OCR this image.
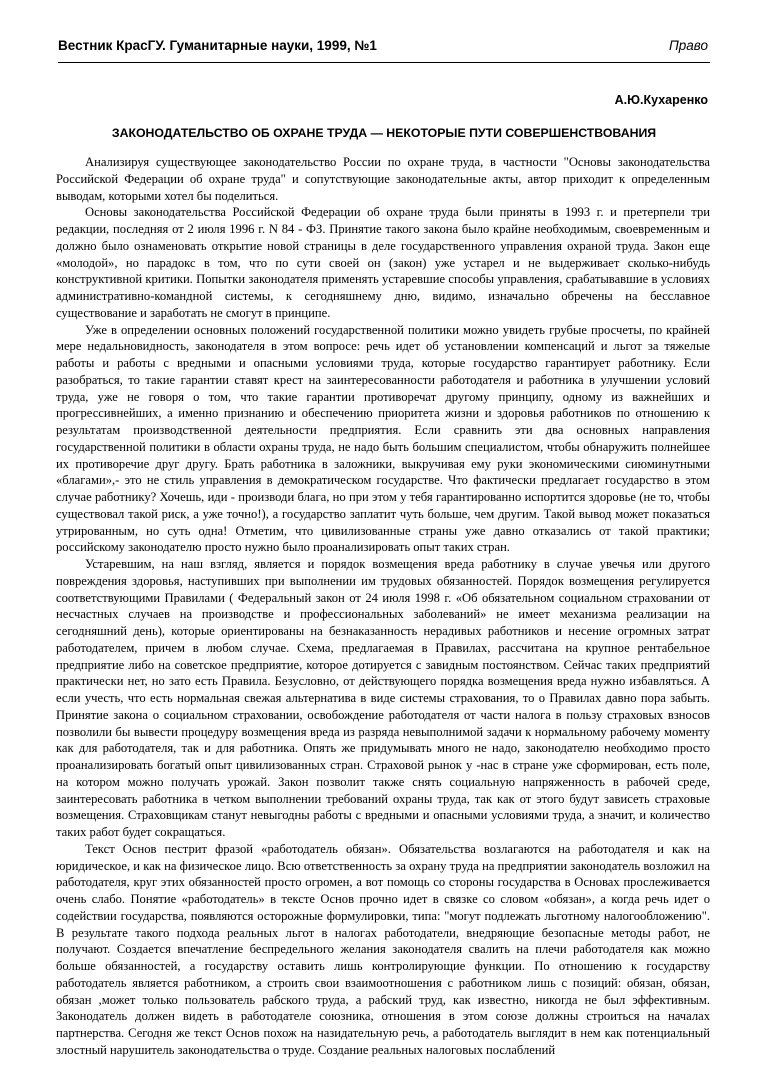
Вестник КрасГУ. Гуманитарные науки, 1999, №1	Право
А.Ю.Кухаренко
ЗАКОНОДАТЕЛЬСТВО ОБ ОХРАНЕ ТРУДА — НЕКОТОРЫЕ ПУТИ СОВЕРШЕНСТВОВАНИЯ

Анализируя существующее законодательство России по охране труда, в частности "Основы законодательства Российской Федерации об охране труда" и сопутствующие законодательные акты, автор приходит к определенным выводам, которыми хотел бы поделиться.

Основы законодательства Российской Федерации об охране труда были приняты в 1993 г. и претерпели три редакции, последняя от 2 июля 1996 г. N 84 - ФЗ. Принятие такого закона было крайне необходимым, своевременным и должно было ознаменовать открытие новой страницы в деле государственного управления охраной труда. Закон еще «молодой», но парадокс в том, что по сути своей он (закон) уже устарел и не выдерживает сколько-нибудь конструктивной критики. Попытки законодателя применять устаревшие способы управления, срабатывавшие в условиях административно-командной системы, к сегодняшнему дню, видимо, изначально обречены на бесславное существование и заработать не смогут в принципе.

Уже в определении основных положений государственной политики можно увидеть грубые просчеты, по крайней мере недальновидность, законодателя в этом вопросе: речь идет об установлении компенсаций и льгот за тяжелые работы и работы с вредными и опасными условиями труда, которые государство гарантирует работнику. Если разобраться, то такие гарантии ставят крест на заинтересованности работодателя и работника в улучшении условий труда, уже не говоря о том, что такие гарантии противоречат другому принципу, одному из важнейших и прогрессивнейших, а именно признанию и обеспечению приоритета жизни и здоровья работников по отношению к результатам производственной деятельности предприятия. Если сравнить эти два основных направления государственной политики в области охраны труда, не надо быть большим специалистом, чтобы обнаружить полнейшее их противоречие друг другу. Брать работника в заложники, выкручивая ему руки экономическими сиюминутными «благами»,- это не стиль управления в демократическом государстве. Что фактически предлагает государство в этом случае работнику? Хочешь, иди - производи блага, но при этом у тебя гарантированно испортится здоровье (не то, чтобы существовал такой риск, а уже точно!), а государство заплатит чуть больше, чем другим. Такой вывод может показаться утрированным, но суть одна! Отметим, что цивилизованные страны уже давно отказались от такой практики; российскому законодателю просто нужно было проанализировать опыт таких стран.

Устаревшим, на наш взгляд, является и порядок возмещения вреда работнику в случае увечья или другого повреждения здоровья, наступивших при выполнении им трудовых обязанностей. Порядок возмещения регулируется соответствующими Правилами ( Федеральный закон от 24 июля 1998 г. «Об обязательном социальном страховании от несчастных случаев на производстве и профессиональных заболеваний» не имеет механизма реализации на сегодняшний день), которые ориентированы на безнаказанность нерадивых работников и несение огромных затрат работодателем, причем в любом случае. Схема, предлагаемая в Правилах, рассчитана на крупное рентабельное предприятие либо на советское предприятие, которое дотируется с завидным постоянством. Сейчас таких предприятий практически нет, но зато есть Правила. Безусловно, от действующего порядка возмещения вреда нужно избавляться. А если учесть, что есть нормальная свежая альтернатива в виде системы страхования, то о Правилах давно пора забыть. Принятие закона о социальном страховании, освобождение работодателя от части налога в пользу страховых взносов позволили бы вывести процедуру возмещения вреда из разряда невыполнимой задачи к нормальному рабочему моменту как для работодателя, так и для работника. Опять же придумывать много не надо, законодателю необходимо просто проанализировать богатый опыт цивилизованных стран. Страховой рынок у -нас в стране уже сформирован, есть поле, на котором можно получать урожай. Закон позволит также снять социальную напряженность в рабочей среде, заинтересовать работника в четком выполнении требований охраны труда, так как от этого будут зависеть страховые возмещения. Страховщикам станут невыгодны работы с вредными и опасными условиями труда, а значит, и количество таких работ будет сокращаться.

Текст Основ пестрит фразой «работодатель обязан». Обязательства возлагаются на работодателя и как на юридическое, и как на физическое лицо. Всю ответственность за охрану труда на предприятии законодатель возложил на работодателя, круг этих обязанностей просто огромен, а вот помощь со стороны государства в Основах прослеживается очень слабо. Понятие «работодатель» в тексте Основ прочно идет в связке со словом «обязан», а когда речь идет о содействии государства, появляются осторожные формулировки, типа: "могут подлежать льготному налогообложению". В результате такого подхода реальных льгот в налогах работодатели, внедряющие безопасные методы работ, не получают. Создается впечатление беспредельного желания законодателя свалить на плечи работодателя как можно больше обязанностей, а государству оставить лишь контролирующие функции. По отношению к государству работодатель является работником, а строить свои взаимоотношения с работником лишь с позиций: обязан, обязан, обязан ,может только пользователь рабского труда, а рабский труд, как известно, никогда не был эффективным. Законодатель должен видеть в работодателе союзника, отношения в этом союзе должны строиться на началах партнерства. Сегодня же текст Основ похож на назидательную речь, а работодатель выглядит в нем как потенциальный злостный нарушитель законодательства о труде. Создание реальных налоговых послаблений
